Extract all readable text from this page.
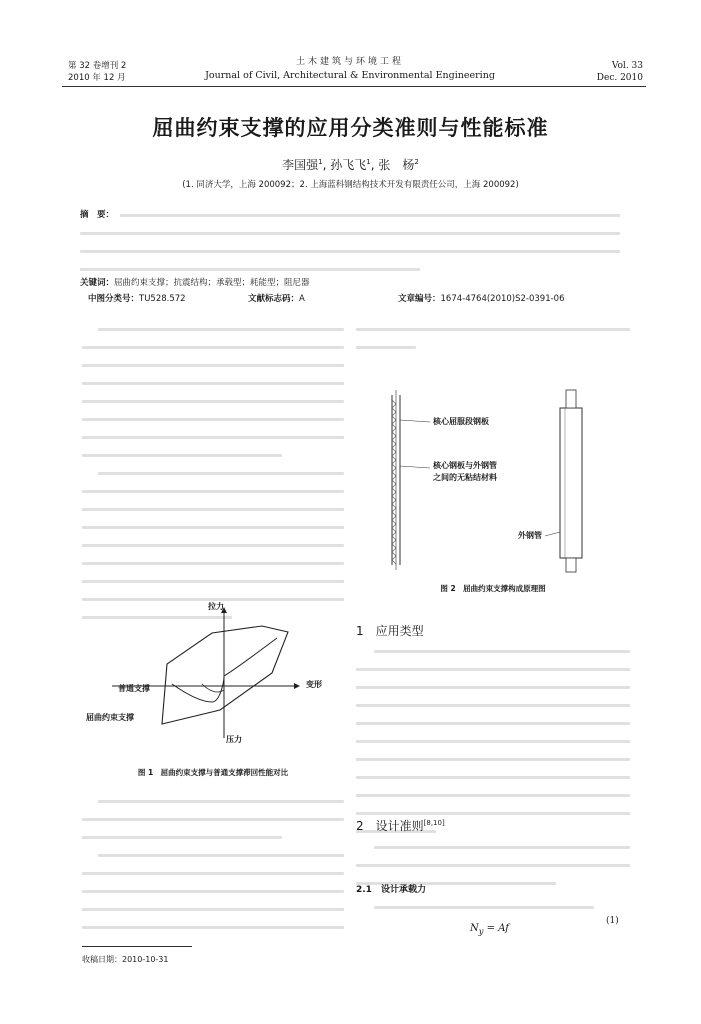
第 32 卷增刊 2
2010 年 12 月
土木建筑与环境工程
Journal of Civil, Architectural & Environmental Engineering
Vol. 33
Dec. 2010
屈曲约束支撑的应用分类准则与性能标准
李国强$^1$, 孙飞飞$^1$, 张　杨$^2$
(1. 同济大学，上海 200092；2. 上海蓝科钢结构技术开发有限责任公司，上海 200092)
摘　要：
关键词：屈曲约束支撑；抗震结构；承载型；耗能型；阻尼器
中图分类号：TU528.572	文献标志码：A	文章编号：1674-4764(2010)S2-0391-06
核心屈服段钢板
核心钢板与外钢管
之间的无粘结材料
外钢管
图 2　屈曲约束支撑构成原理图
拉力
变形
压力
普通支撑
屈曲约束支撑
图 1　屈曲约束支撑与普通支撑滞回性能对比
1　应用类型
2　设计准则[8,10]
2.1　设计承载力
$N_y = Af$
(1)
收稿日期：2010-10-31
